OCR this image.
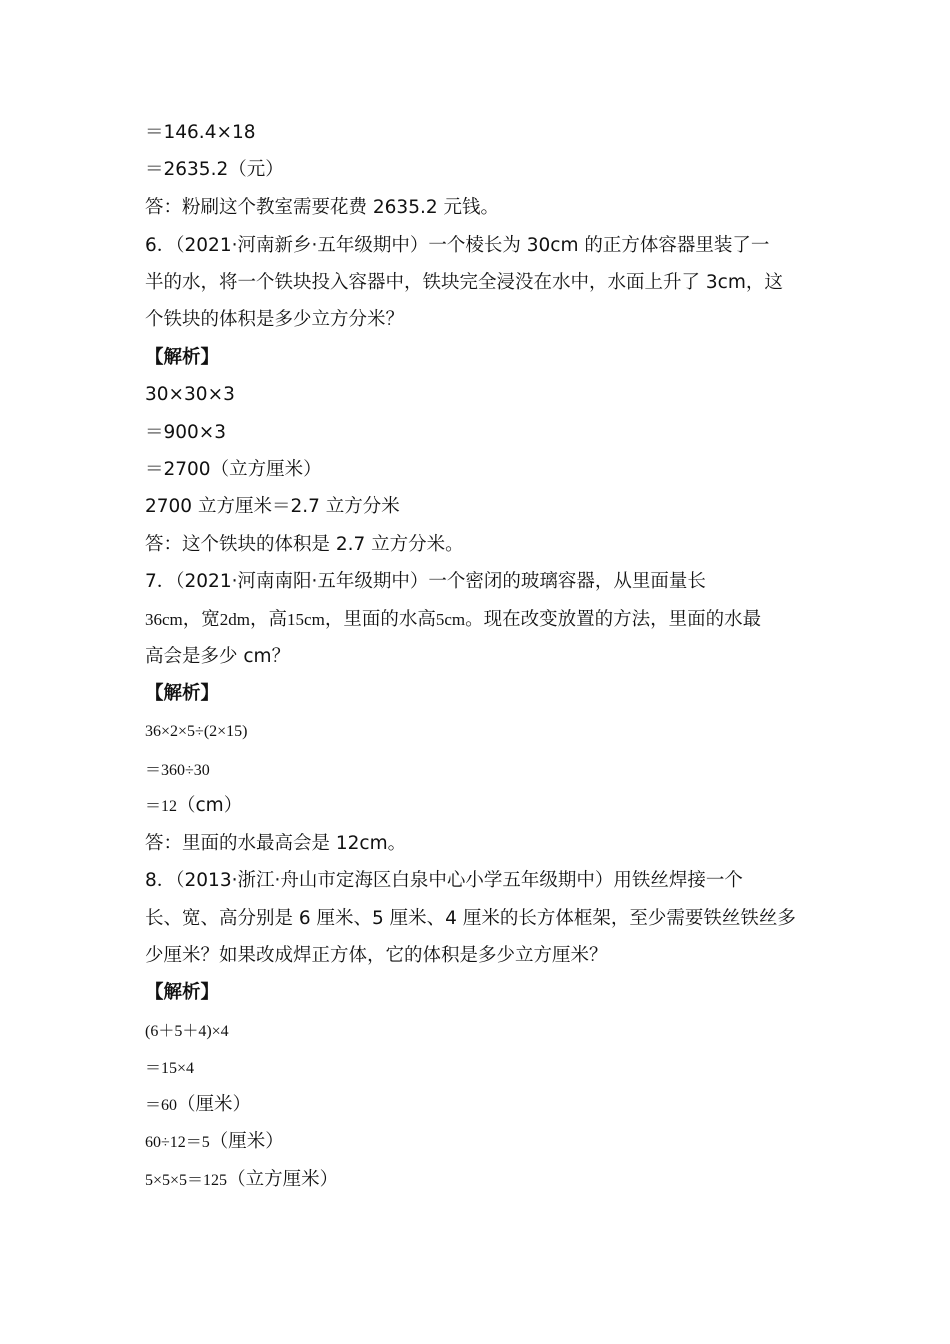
＝146.4×18
＝2635.2（元）
答：粉刷这个教室需要花费 2635.2 元钱。
6．（2021·河南新乡·五年级期中）一个棱长为 30cm 的正方体容器里装了一
半的水，将一个铁块投入容器中，铁块完全浸没在水中，水面上升了 3cm，这
个铁块的体积是多少立方分米？
【解析】
30×30×3
＝900×3
＝2700（立方厘米）
2700 立方厘米＝2.7 立方分米
答：这个铁块的体积是 2.7 立方分米。
7．（2021·河南南阳·五年级期中）一个密闭的玻璃容器，从里面量长
36cm，宽2dm，高15cm，里面的水高5cm。现在改变放置的方法，里面的水最
高会是多少 cm？
【解析】
36×2×5÷(2×15)
＝360÷30
＝12（cm）
答：里面的水最高会是 12cm。
8．（2013·浙江·舟山市定海区白泉中心小学五年级期中）用铁丝焊接一个
长、宽、高分别是 6 厘米、5 厘米、4 厘米的长方体框架，至少需要铁丝铁丝多
少厘米？如果改成焊正方体，它的体积是多少立方厘米？
【解析】
(6＋5＋4)×4
＝15×4
＝60（厘米）
60÷12＝5（厘米）
5×5×5＝125（立方厘米）
